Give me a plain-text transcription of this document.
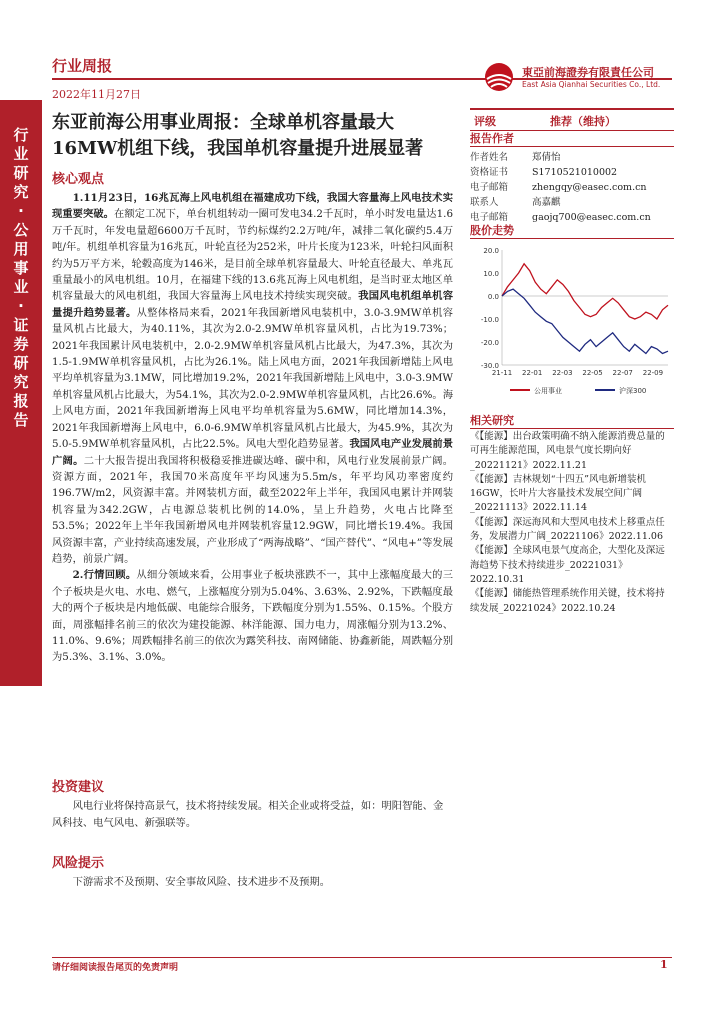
行业研究·公用事业·证券研究报告
行业周报
2022年11月27日
東亞前海證券有限責任公司
East Asia Qianhai Securities Co., Ltd.
东亚前海公用事业周报：全球单机容量最大16MW机组下线，我国单机容量提升进展显著
核心观点

1.11月23日，16兆瓦海上风电机组在福建成功下线，我国大容量海上风电技术实现重要突破。在额定工况下，单台机组转动一圈可发电34.2千瓦时，单小时发电量达1.6万千瓦时，年发电量超6600万千瓦时，节约标煤约2.2万吨/年，减排二氧化碳约5.4万吨/年。机组单机容量为16兆瓦，叶轮直径为252米，叶片长度为123米，叶轮扫风面积约为5万平方米，轮毂高度为146米，是目前全球单机容量最大、叶轮直径最大、单兆瓦重量最小的风电机组。10月，在福建下线的13.6兆瓦海上风电机组，是当时亚太地区单机容量最大的风电机组，我国大容量海上风电技术持续实现突破。我国风电机组单机容量提升趋势显著。从整体格局来看，2021年我国新增风电装机中，3.0-3.9MW单机容量风机占比最大，为40.11%，其次为2.0-2.9MW单机容量风机，占比为19.73%；2021年我国累计风电装机中，2.0-2.9MW单机容量风机占比最大，为47.3%，其次为1.5-1.9MW单机容量风机，占比为26.1%。陆上风电方面，2021年我国新增陆上风电平均单机容量为3.1MW，同比增加19.2%，2021年我国新增陆上风电中，3.0-3.9MW单机容量风机占比最大，为54.1%，其次为2.0-2.9MW单机容量风机，占比26.6%。海上风电方面，2021年我国新增海上风电平均单机容量为5.6MW，同比增加14.3%，2021年我国新增海上风电中，6.0-6.9MW单机容量风机占比最大，为45.9%，其次为5.0-5.9MW单机容量风机，占比22.5%。风电大型化趋势显著。我国风电产业发展前景广阔。二十大报告提出我国将积极稳妥推进碳达峰、碳中和，风电行业发展前景广阔。资源方面，2021年，我国70米高度年平均风速为5.5m/s，年平均风功率密度约196.7W/m2，风资源丰富。并网装机方面，截至2022年上半年，我国风电累计并网装机容量为342.2GW，占电源总装机比例的14.0%，呈上升趋势，火电占比降至53.5%；2022年上半年我国新增风电并网装机容量12.9GW，同比增长19.4%。我国风资源丰富，产业持续高速发展，产业形成了“两海战略”、“国产替代”、“风电+”等发展趋势，前景广阔。

2.行情回顾。从细分领域来看，公用事业子板块涨跌不一，其中上涨幅度最大的三个子板块是火电、水电、燃气，上涨幅度分别为5.04%、3.63%、2.92%，下跌幅度最大的两个子板块是内地低碳、电能综合服务，下跌幅度分别为1.55%、0.15%。个股方面，周涨幅排名前三的依次为建投能源、林洋能源、国力电力，周涨幅分别为13.2%、11.0%、9.6%；周跌幅排名前三的依次为露笑科技、南网储能、协鑫新能，周跌幅分别为5.3%、3.1%、3.0%。

投资建议

风电行业将保持高景气，技术将持续发展。相关企业或将受益，如：明阳智能、金风科技、电气风电、新强联等。

风险提示

下游需求不及预期、安全事故风险、技术进步不及预期。

评级	推荐（维持）
报告作者
作者姓名	郑倩怡
资格证书	S1710521010002
电子邮箱	zhengqy@easec.com.cn
联系人	高嘉麒
电子邮箱	gaojq700@easec.com.cn
股价走势
20.0
10.0
0.0
-10.0
-20.0
-30.0
21-11 22-01 22-03 22-05 22-07 22-09
公用事业	沪深300
相关研究

《【能源】出台政策明确不纳入能源消费总量的可再生能源范围，风电景气度长期向好_20221121》2022.11.21

《【能源】吉林规划“十四五”风电新增装机16GW，长叶片大容量技术发展空间广阔_20221113》2022.11.14

《【能源】深远海风和大型风电技术上移重点任务，发展潜力广阔_20221106》2022.11.06

《【能源】全球风电景气度高企，大型化及深远海趋势下技术持续进步_20221031》2022.10.31

《【能源】储能热管理系统作用关键，技术将持续发展_20221024》2022.10.24

请仔细阅读报告尾页的免责声明	1
